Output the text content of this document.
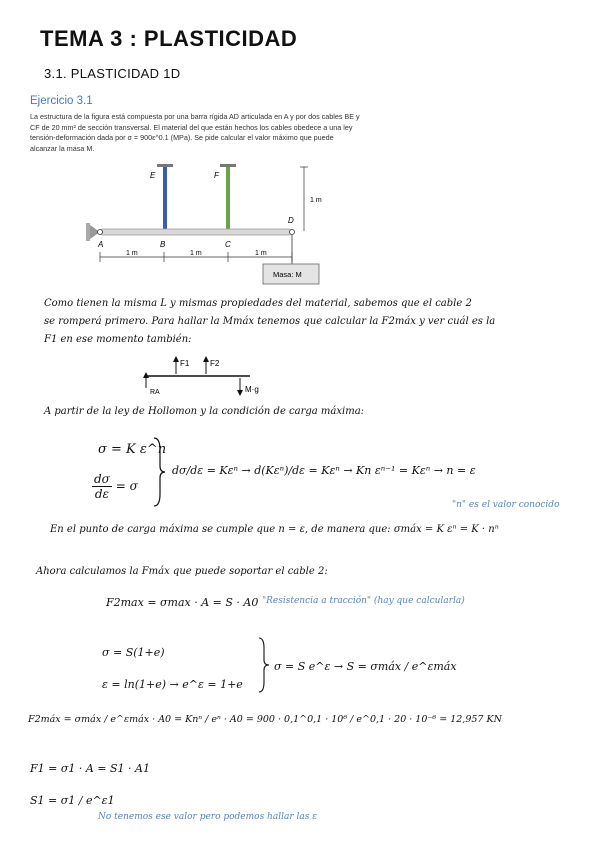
TEMA 3 : PLASTICIDAD
3.1. PLASTICIDAD 1D
Ejercicio 3.1
La estructura de la figura está compuesta por una barra rígida AD articulada en A y por dos cables BE y CF de 20 mm² de sección transversal. El material del que están hechos los cables obedece a una ley tensión-deformación dada por σ = 900ε^0.1 (MPa). Se pide calcular el valor máximo que puede alcanzar la masa M.
A	B	C
D
E	F
1 m
1 m	1 m	1 m
Masa: M
Como tienen la misma L y mismas propiedades del material, sabemos que el cable 2
se romperá primero. Para hallar la Mmáx tenemos que calcular la F2máx y ver cuál es la
F1 en ese momento también:
F1	F2
RA	M·g
A partir de la ley de Hollomon y la condición de carga máxima:
σ = K ε^n
$\frac{d\sigma}{d\varepsilon} = \sigma$
dσ/dε = Kεⁿ → d(Kεⁿ)/dε = Kεⁿ → Kn εⁿ⁻¹ = Kεⁿ → n = ε
"n" es el valor conocido
En el punto de carga máxima se cumple que n = ε, de manera que: σmáx = K εⁿ = K · nⁿ
Ahora calculamos la Fmáx que puede soportar el cable 2:
F2max = σmax · A = S · A0 "Resistencia a tracción" (hay que calcularla)
σ = S(1+e)
ε = ln(1+e) → e^ε = 1+e
σ = S e^ε → S = σmáx / e^εmáx
F2máx = σmáx / e^εmáx · A0 = Knⁿ / eⁿ · A0 = 900 · 0,1^0,1 · 10⁶ / e^0,1 · 20 · 10⁻⁶ = 12,957 KN
F1 = σ1 · A = S1 · A1
S1 = σ1 / e^ε1
No tenemos ese valor pero podemos hallar las ε
